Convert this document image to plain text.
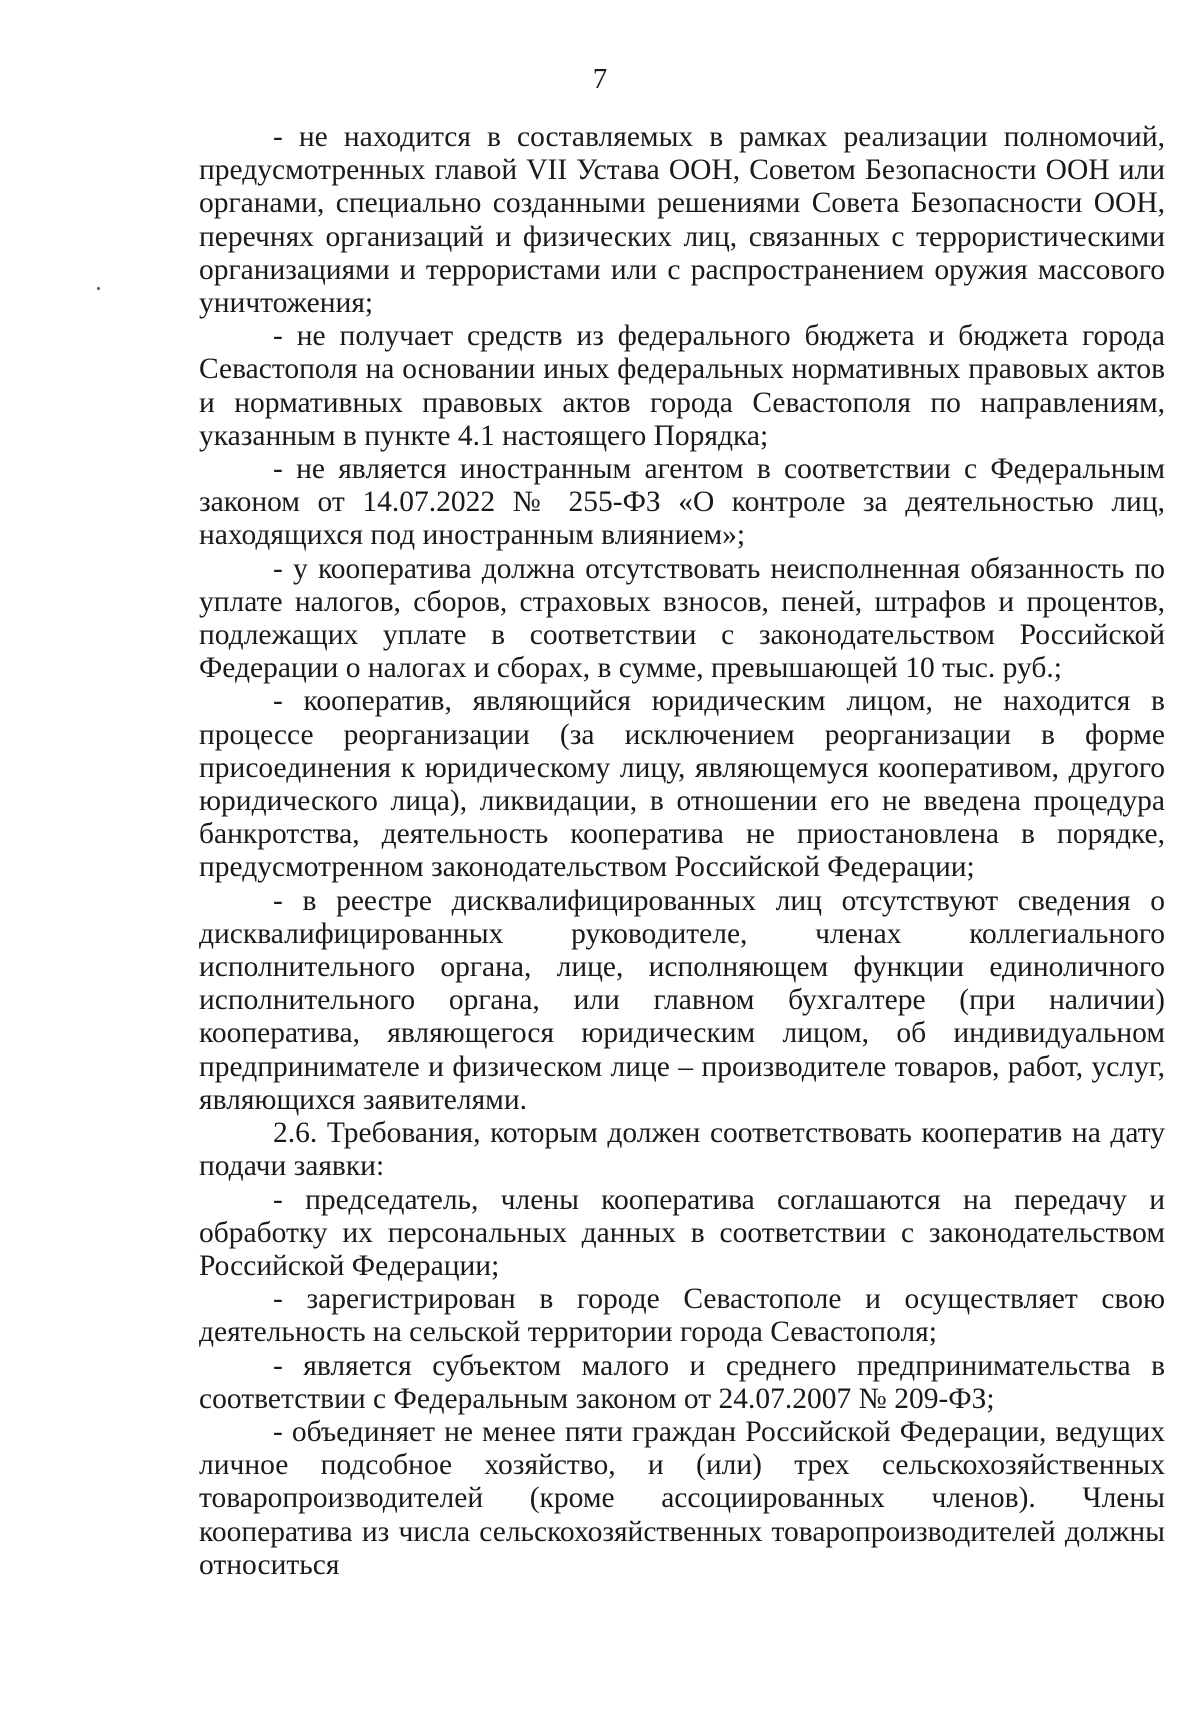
7

- не находится в составляемых в рамках реализации полномочий, предусмотренных главой VII Устава ООН, Советом Безопасности ООН или органами, специально созданными решениями Совета Безопасности ООН, перечнях организаций и физических лиц, связанных с террористическими организациями и террористами или с распространением оружия массового уничтожения;

- не получает средств из федерального бюджета и бюджета города Севастополя на основании иных федеральных нормативных правовых актов и нормативных правовых актов города Севастополя по направлениям, указанным в пункте 4.1 настоящего Порядка;

- не является иностранным агентом в соответствии с Федеральным законом от 14.07.2022 № 255-ФЗ «О контроле за деятельностью лиц, находящихся под иностранным влиянием»;

- у кооператива должна отсутствовать неисполненная обязанность по уплате налогов, сборов, страховых взносов, пеней, штрафов и процентов, подлежащих уплате в соответствии с законодательством Российской Федерации о налогах и сборах, в сумме, превышающей 10 тыс. руб.;

- кооператив, являющийся юридическим лицом, не находится в процессе реорганизации (за исключением реорганизации в форме присоединения к юридическому лицу, являющемуся кооперативом, другого юридического лица), ликвидации, в отношении его не введена процедура банкротства, деятельность кооператива не приостановлена в порядке, предусмотренном законодательством Российской Федерации;

- в реестре дисквалифицированных лиц отсутствуют сведения о дисквалифицированных руководителе, членах коллегиального исполнительного органа, лице, исполняющем функции единоличного исполнительного органа, или главном бухгалтере (при наличии) кооператива, являющегося юридическим лицом, об индивидуальном предпринимателе и физическом лице – производителе товаров, работ, услуг, являющихся заявителями.

2.6. Требования, которым должен соответствовать кооператив на дату подачи заявки:

- председатель, члены кооператива соглашаются на передачу и обработку их персональных данных в соответствии с законодательством Российской Федерации;

- зарегистрирован в городе Севастополе и осуществляет свою деятельность на сельской территории города Севастополя;

- является субъектом малого и среднего предпринимательства в соответствии с Федеральным законом от 24.07.2007 № 209-ФЗ;

- объединяет не менее пяти граждан Российской Федерации, ведущих личное подсобное хозяйство, и (или) трех сельскохозяйственных товаропроизводителей (кроме ассоциированных членов). Члены кооператива из числа сельскохозяйственных товаропроизводителей должны относиться
